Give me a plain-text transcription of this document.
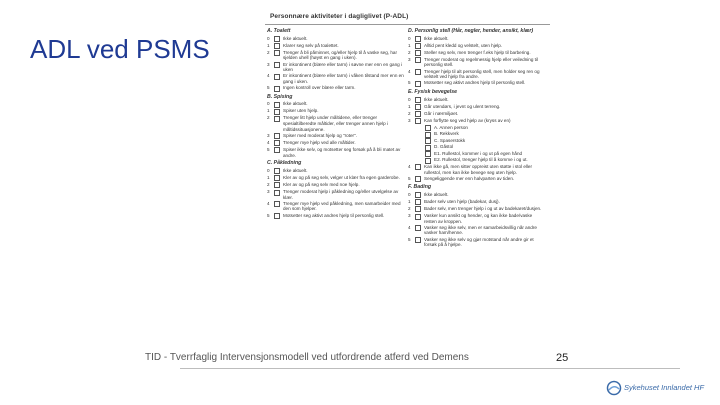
ADL ved PSMS
Personnære aktiviteter i dagliglivet (P-ADL)
A. Toalett
0	Ikke aktuelt.
1	Klarer seg selv på toalettet.
2	Trenger å bli påminnet, og/eller hjelp til å vaske seg, har sjelden uhell (høyst en gang i uken).
3	Er inkontinent (blære eller tarm) i søvne mer enn en gang i uken
4	Er inkontinent (blære eller tarm) i våken tilstand mer enn en gang i uken.
5	Ingen kontroll over blære eller tarm.
B. Spising
0	Ikke aktuelt.
1	Spiser uten hjelp.
2	Trenger litt hjelp under måltidene, eller trenger spesialtilberedte måltider, eller trenger annen hjelp i måltidssituasjonene.
3	Spiser med moderat hjelp og "roter".
4	Trenger mye hjelp ved alle måltider.
5	Spiser ikke selv, og motsetter seg forsøk på å bli matet av andre.
C. Påkledning
0	Ikke aktuelt.
1	Kler av og på seg selv, velger ut klær fra egen garderobe.
2	Kler av og på seg selv med noe hjelp.
3	Trenger moderat hjelp i påkledning og/eller utvelgelse av klær.
4	Trenger mye hjelp ved påkledning, men samarbeider med den som hjelper.
5	Motsetter seg aktivt andres hjelp til personlig stell.
D. Personlig stell (Hår, negler, hender, ansikt, klær)
0	Ikke aktuelt.
1	Alltid pent kledd og velstelt, uten hjelp.
2	Steller seg selv, men trenger f.eks hjelp til barbering.
3	Trenger moderat og regelmessig hjelp eller veiledning til personlig stell.
4	Trenger hjelp til alt personlig stell, men holder seg ren og velstelt ved hjelp fra andre.
5	Motsetter seg aktivt andres hjelp til personlig stell.
E. Fysisk bevegelse
0	Ikke aktuelt.
1	Går utendørs, i jevnt og ulent terreng.
2	Går i nærmiljøet.
3	Kan forflytte seg ved hjelp av (kryss av en)
A. Annen person
B. Rekkverk
C. Spaserstokk
D. Gåstol
E1. Rullestol, kommer i og ut på egen hånd
E2. Rullestol, trenger hjelp til å komme i og ut.
4	Kan ikke gå, men sitter oppreist uten støtte i stol eller rullestol, men kan ikke bevege seg uten hjelp.
5	Sengeliggende mer enn halvparten av tiden.
F. Bading
0	Ikke aktuelt.
1	Bader selv uten hjelp (badekar, dusj).
2	Bader selv, men trenger hjelp i og ut av badekaret/dusjen.
3	Vasker kun ansikt og hender, og kan ikke bade/vaske resten av kroppen.
4	Vasker seg ikke selv, men er samarbeidsvillig når andre vasker ham/henne.
5	Vasker seg ikke selv og gjør motstand når andre gir et forsøk på å hjelpe.
TID - Tverrfaglig Intervensjonsmodell ved utfordrende atferd ved Demens	25
Sykehuset Innlandet HF
